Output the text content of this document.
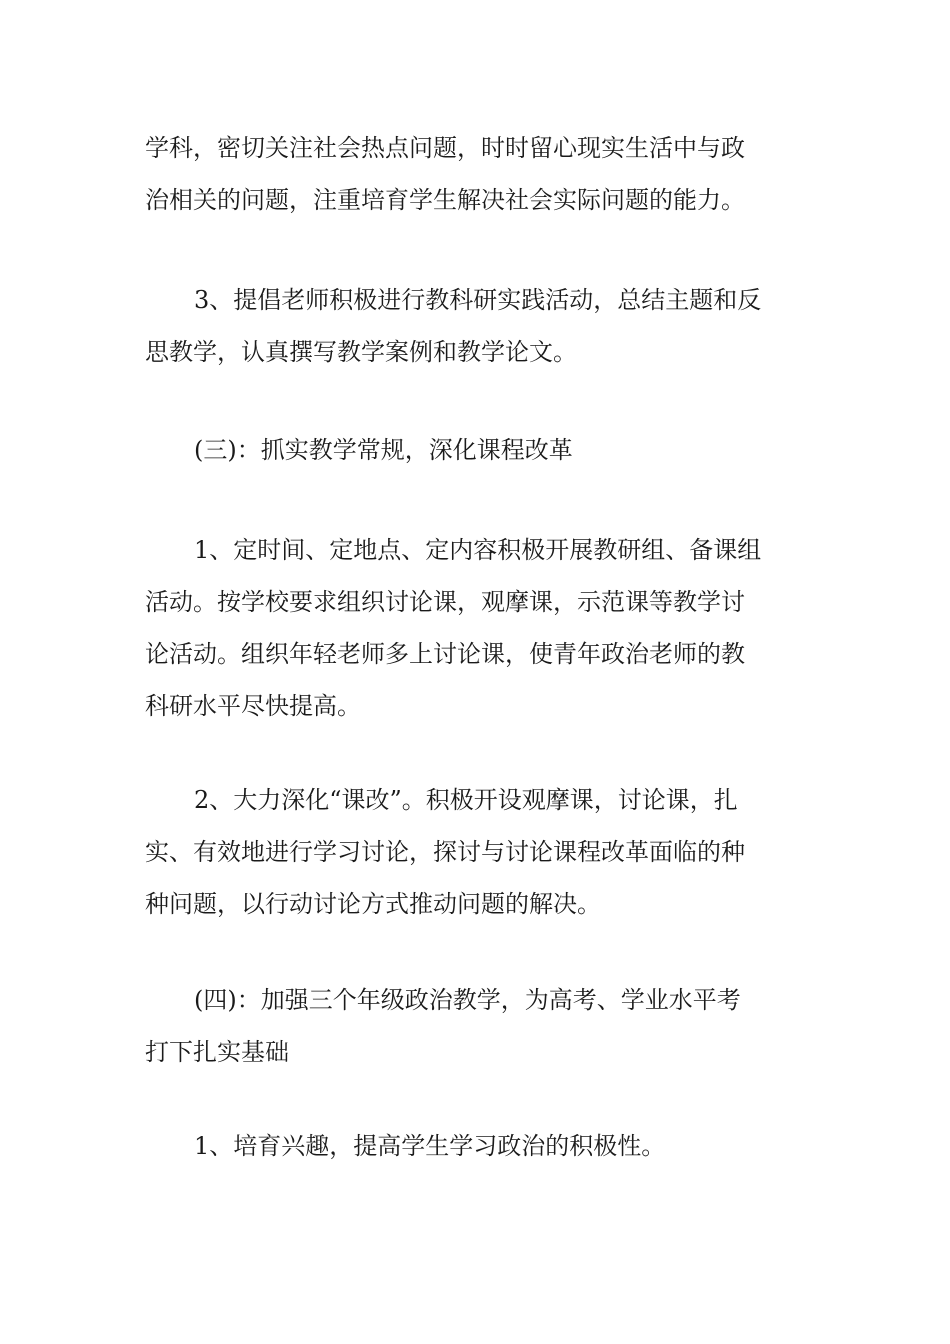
学科，密切关注社会热点问题，时时留心现实生活中与政
治相关的问题，注重培育学生解决社会实际问题的能力。
3、提倡老师积极进行教科研实践活动，总结主题和反
思教学，认真撰写教学案例和教学论文。
(三)：抓实教学常规，深化课程改革
1、定时间、定地点、定内容积极开展教研组、备课组
活动。按学校要求组织讨论课，观摩课，示范课等教学讨
论活动。组织年轻老师多上讨论课，使青年政治老师的教
科研水平尽快提高。
2、大力深化“课改”。积极开设观摩课，讨论课，扎
实、有效地进行学习讨论，探讨与讨论课程改革面临的种
种问题，以行动讨论方式推动问题的解决。
(四)：加强三个年级政治教学，为高考、学业水平考
打下扎实基础
1、培育兴趣，提高学生学习政治的积极性。
